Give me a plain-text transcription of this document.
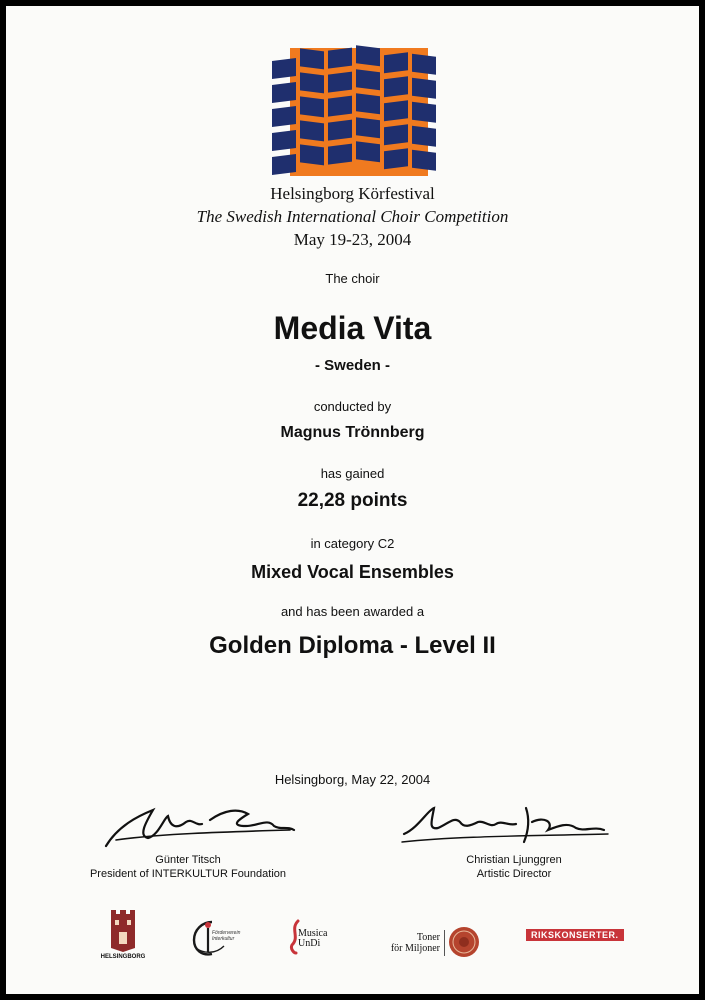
Helsingborg Körfestival
The Swedish International Choir Competition
May 19-23, 2004
The choir
Media Vita
- Sweden -
conducted by
Magnus Trönnberg
has gained
22,28 points
in category C2
Mixed Vocal Ensembles
and has been awarded a
Golden Diploma - Level II
Helsingborg, May 22, 2004
Günter Titsch
President of INTERKULTUR Foundation
Christian Ljunggren
Artistic Director
HELSINGBORG
Förderverein Interkultur	Musica UnDi
Toner
för Miljoner
RIKSKONSERTER.
